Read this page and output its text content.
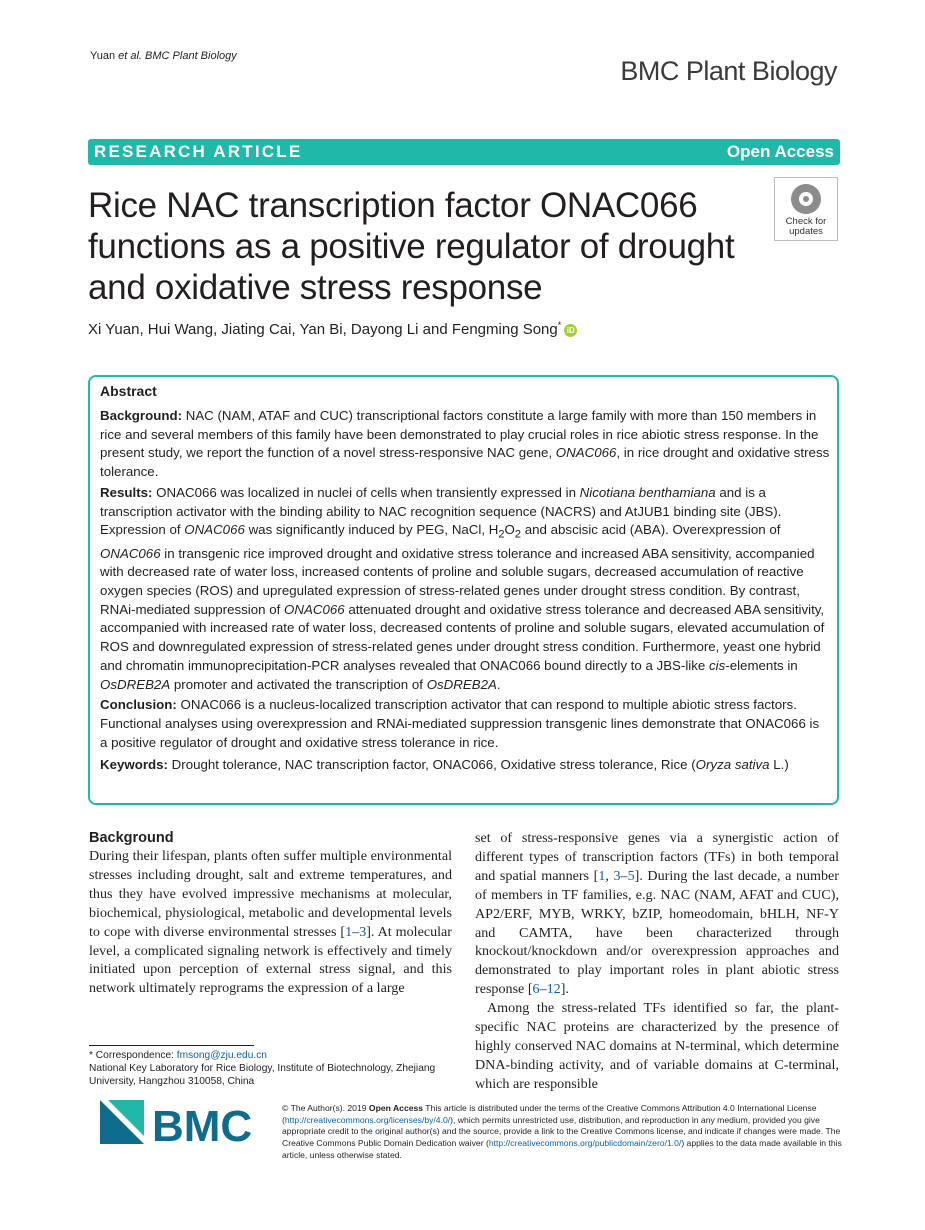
Yuan et al. BMC Plant Biology	BMC Plant Biology
RESEARCH ARTICLE	Open Access
Rice NAC transcription factor ONAC066 functions as a positive regulator of drought and oxidative stress response
Check for
updates
Xi Yuan, Hui Wang, Jiating Cai, Yan Bi, Dayong Li and Fengming Song*iD
Abstract

Background: NAC (NAM, ATAF and CUC) transcriptional factors constitute a large family with more than 150 members in rice and several members of this family have been demonstrated to play crucial roles in rice abiotic stress response. In the present study, we report the function of a novel stress-responsive NAC gene, ONAC066, in rice drought and oxidative stress tolerance.

Results: ONAC066 was localized in nuclei of cells when transiently expressed in Nicotiana benthamiana and is a transcription activator with the binding ability to NAC recognition sequence (NACRS) and AtJUB1 binding site (JBS). Expression of ONAC066 was significantly induced by PEG, NaCl, $H_2O_2$ and abscisic acid (ABA). Overexpression of ONAC066 in transgenic rice improved drought and oxidative stress tolerance and increased ABA sensitivity, accompanied with decreased rate of water loss, increased contents of proline and soluble sugars, decreased accumulation of reactive oxygen species (ROS) and upregulated expression of stress-related genes under drought stress condition. By contrast, RNAi-mediated suppression of ONAC066 attenuated drought and oxidative stress tolerance and decreased ABA sensitivity, accompanied with increased rate of water loss, decreased contents of proline and soluble sugars, elevated accumulation of ROS and downregulated expression of stress-related genes under drought stress condition. Furthermore, yeast one hybrid and chromatin immunoprecipitation-PCR analyses revealed that ONAC066 bound directly to a JBS-like cis-elements in OsDREB2A promoter and activated the transcription of OsDREB2A.

Conclusion: ONAC066 is a nucleus-localized transcription activator that can respond to multiple abiotic stress factors. Functional analyses using overexpression and RNAi-mediated suppression transgenic lines demonstrate that ONAC066 is a positive regulator of drought and oxidative stress tolerance in rice.

Keywords: Drought tolerance, NAC transcription factor, ONAC066, Oxidative stress tolerance, Rice (Oryza sativa L.)

Background

During their lifespan, plants often suffer multiple environmental stresses including drought, salt and extreme temperatures, and thus they have evolved impressive mechanisms at molecular, biochemical, physiological, metabolic and developmental levels to cope with diverse environmental stresses [1–3]. At molecular level, a complicated signaling network is effectively and timely initiated upon perception of external stress signal, and this network ultimately reprograms the expression of a large

set of stress-responsive genes via a synergistic action of different types of transcription factors (TFs) in both temporal and spatial manners [1, 3–5]. During the last decade, a number of members in TF families, e.g. NAC (NAM, AFAT and CUC), AP2/ERF, MYB, WRKY, bZIP, homeodomain, bHLH, NF-Y and CAMTA, have been characterized through knockout/knockdown and/or overexpression approaches and demonstrated to play important roles in plant abiotic stress response [6–12].

Among the stress-related TFs identified so far, the plant-specific NAC proteins are characterized by the presence of highly conserved NAC domains at N-terminal, which determine DNA-binding activity, and of variable domains at C-terminal, which are responsible

* Correspondence: fmsong@zju.edu.cn
National Key Laboratory for Rice Biology, Institute of Biotechnology, Zhejiang University, Hangzhou 310058, China
BMC	© The Author(s). 2019 Open Access This article is distributed under the terms of the Creative Commons Attribution 4.0 International License (http://creativecommons.org/licenses/by/4.0/), which permits unrestricted use, distribution, and reproduction in any medium, provided you give appropriate credit to the original author(s) and the source, provide a link to the Creative Commons license, and indicate if changes were made. The Creative Commons Public Domain Dedication waiver (http://creativecommons.org/publicdomain/zero/1.0/) applies to the data made available in this article, unless otherwise stated.
